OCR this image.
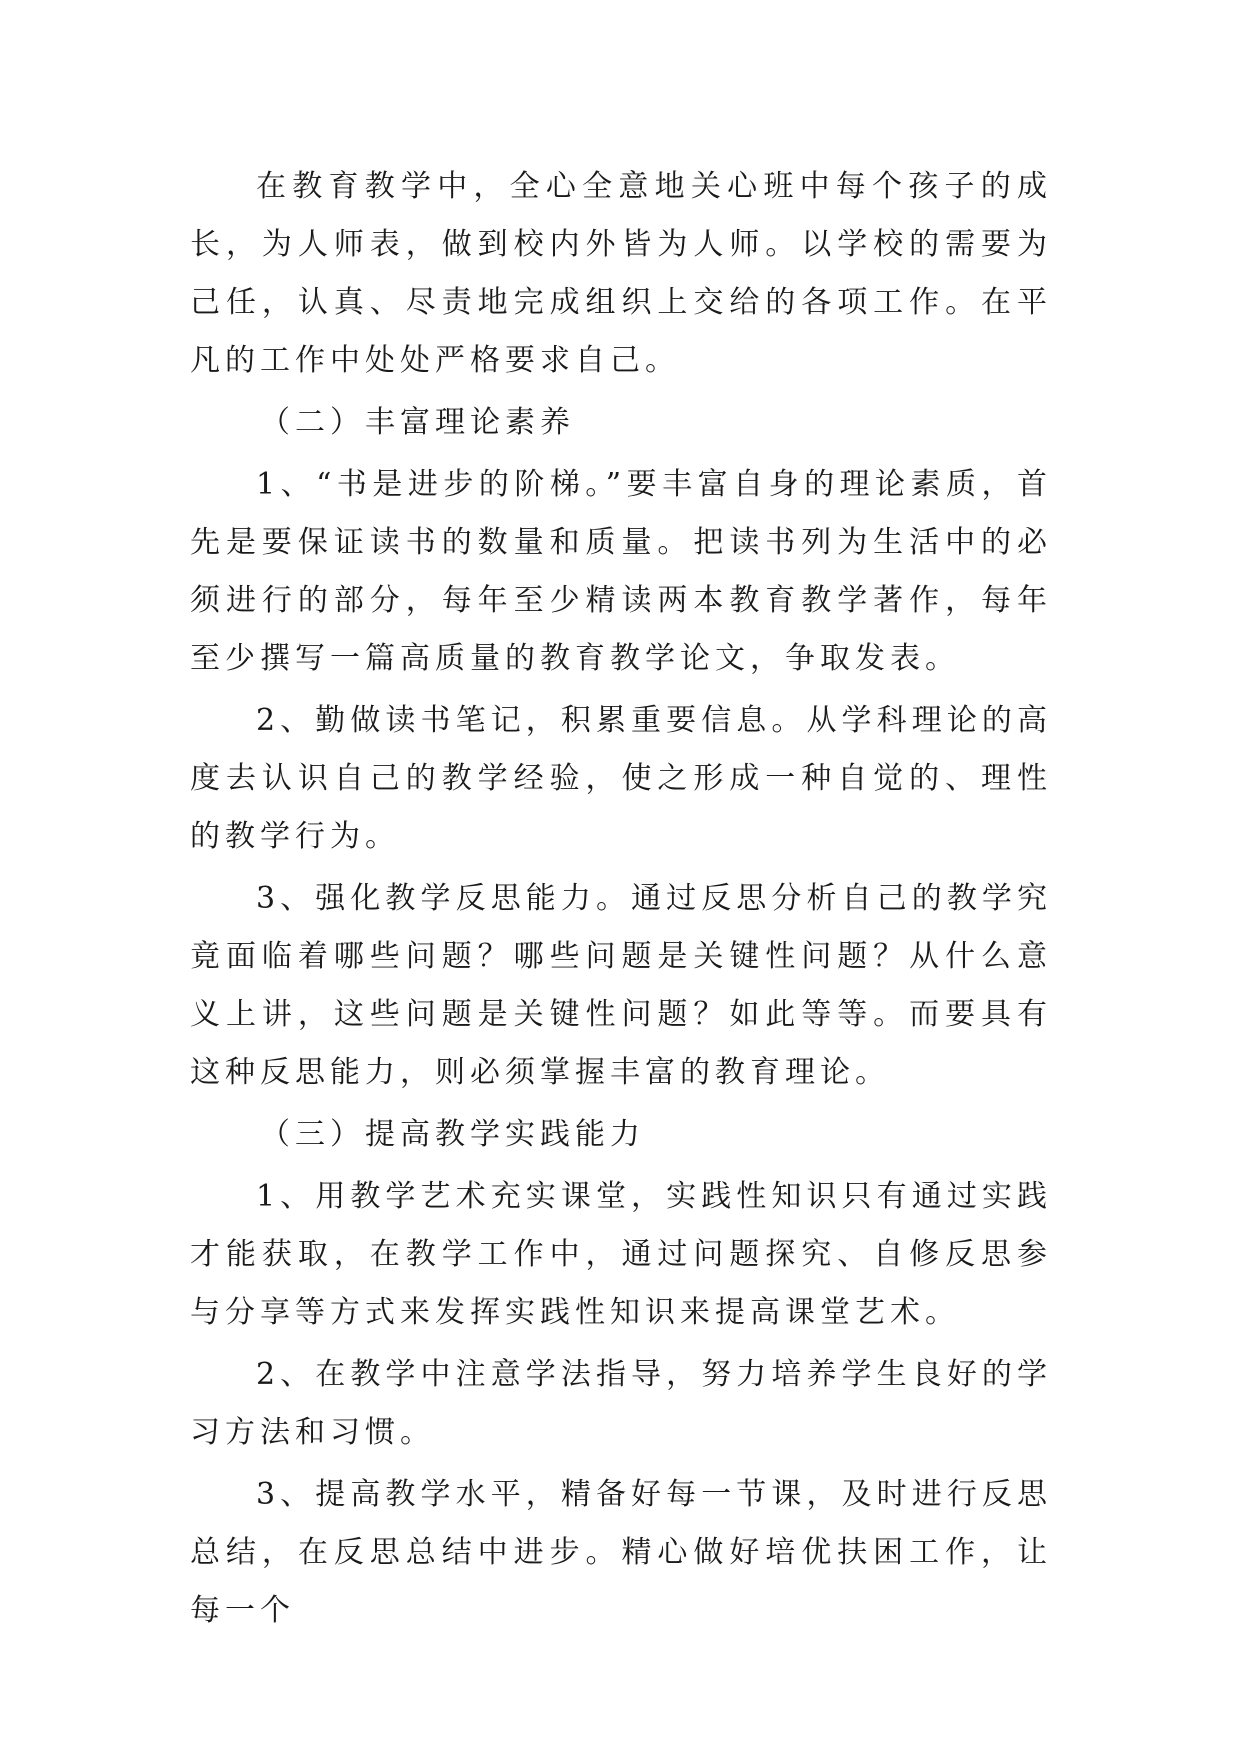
在教育教学中，全心全意地关心班中每个孩子的成长，为人师表，做到校内外皆为人师。以学校的需要为己任，认真、尽责地完成组织上交给的各项工作。在平凡的工作中处处严格要求自己。

（二）丰富理论素养

1、“书是进步的阶梯。”要丰富自身的理论素质，首先是要保证读书的数量和质量。把读书列为生活中的必须进行的部分，每年至少精读两本教育教学著作，每年至少撰写一篇高质量的教育教学论文，争取发表。

2、勤做读书笔记，积累重要信息。从学科理论的高度去认识自己的教学经验，使之形成一种自觉的、理性的教学行为。

3、强化教学反思能力。通过反思分析自己的教学究竟面临着哪些问题？哪些问题是关键性问题？从什么意义上讲，这些问题是关键性问题？如此等等。而要具有这种反思能力，则必须掌握丰富的教育理论。

（三）提高教学实践能力

1、用教学艺术充实课堂，实践性知识只有通过实践才能获取，在教学工作中，通过问题探究、自修反思参与分享等方式来发挥实践性知识来提高课堂艺术。

2、在教学中注意学法指导，努力培养学生良好的学习方法和习惯。

3、提高教学水平，精备好每一节课，及时进行反思总结，在反思总结中进步。精心做好培优扶困工作，让每一个
